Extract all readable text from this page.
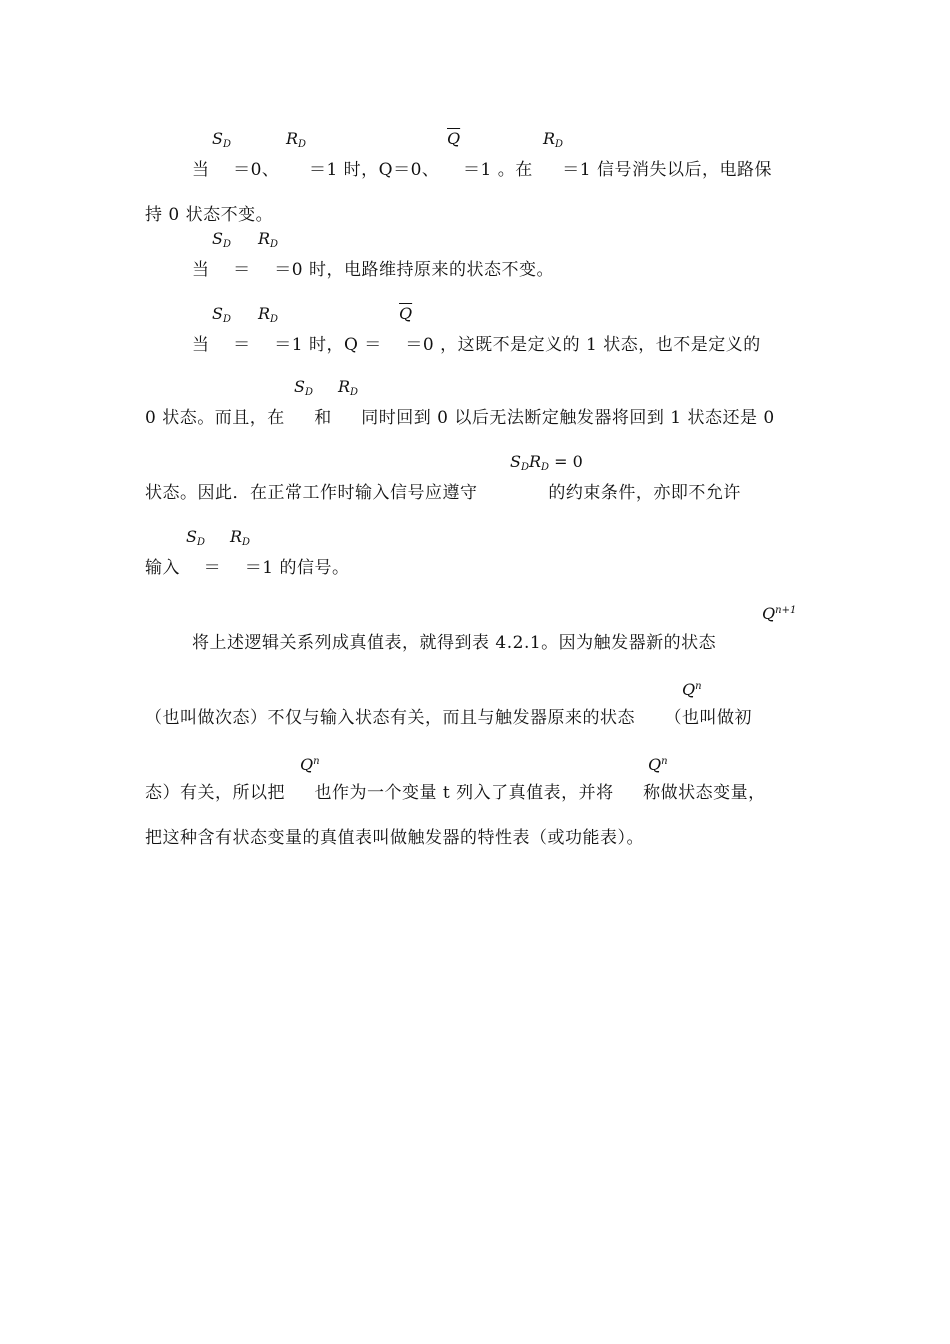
$S_D$	$R_D$	$\overline{Q}$	$R_D$
当    ＝0、     ＝1 时，Q＝0、    ＝1 。在     ＝1 信号消失以后，电路保
持 0 状态不变。
$S_D$ $R_D$
当    ＝    ＝0 时，电路维持原来的状态不变。
$S_D$ $R_D$	$\overline{Q}$
当    ＝    ＝1 时，Q ＝    ＝0 ，这既不是定义的 1 状态，也不是定义的
$S_D$ $R_D$
0 状态。而且，在     和     同时回到 0 以后无法断定触发器将回到 1 状态还是 0
$S_DR_D = 0$
状态。因此．在正常工作时输入信号应遵守            的约束条件，亦即不允许
$S_D$ $R_D$
输入    ＝    ＝1 的信号。
$Q^{n+1}$
将上述逻辑关系列成真值表，就得到表 4.2.1。因为触发器新的状态
$Q^n$
（也叫做次态）不仅与输入状态有关，而且与触发器原来的状态     （也叫做初
$Q^n$	$Q^n$
态）有关，所以把     也作为一个变量 t 列入了真值表，并将     称做状态变量，
把这种含有状态变量的真值表叫做触发器的特性表（或功能表）。
